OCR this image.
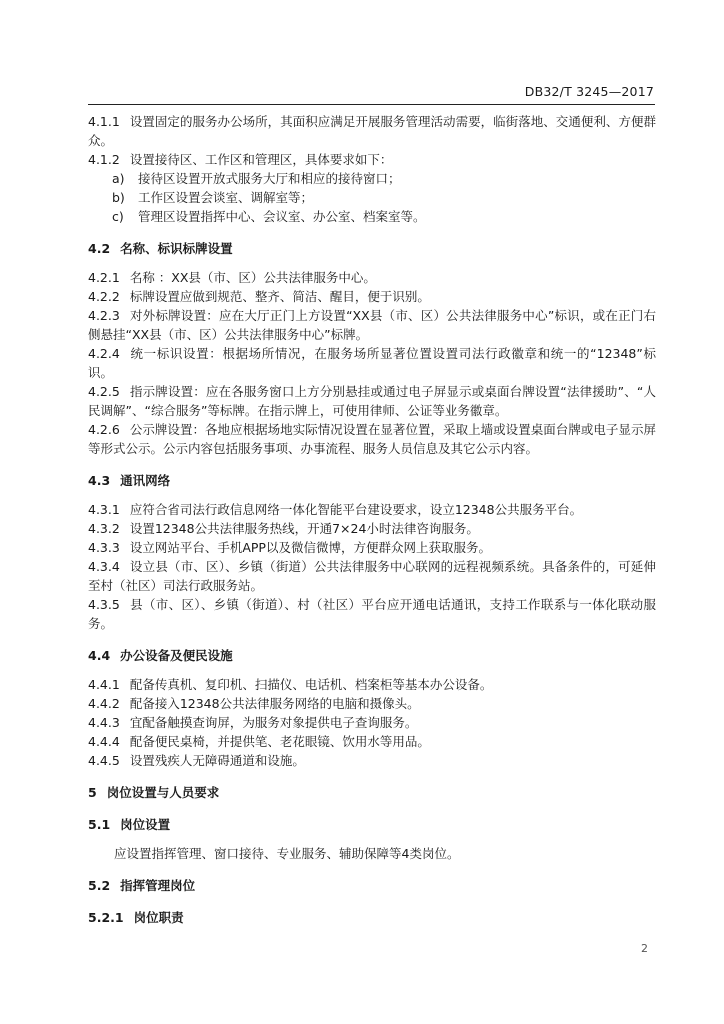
DB32/T 3245—2017
4.1.1 设置固定的服务办公场所，其面积应满足开展服务管理活动需要，临街落地、交通便利、方便群众。
4.1.2 设置接待区、工作区和管理区，具体要求如下：
a) 接待区设置开放式服务大厅和相应的接待窗口；
b) 工作区设置会谈室、调解室等；
c) 管理区设置指挥中心、会议室、办公室、档案室等。
4.2 名称、标识标牌设置
4.2.1 名称 ：XX县（市、区）公共法律服务中心。
4.2.2 标牌设置应做到规范、整齐、简洁、醒目，便于识别。
4.2.3 对外标牌设置：应在大厅正门上方设置“XX县（市、区）公共法律服务中心”标识，或在正门右侧悬挂“XX县（市、区）公共法律服务中心”标牌。
4.2.4 统一标识设置：根据场所情况，在服务场所显著位置设置司法行政徽章和统一的“12348”标识。
4.2.5 指示牌设置：应在各服务窗口上方分别悬挂或通过电子屏显示或桌面台牌设置“法律援助”、“人民调解”、“综合服务”等标牌。在指示牌上，可使用律师、公证等业务徽章。
4.2.6 公示牌设置：各地应根据场地实际情况设置在显著位置，采取上墙或设置桌面台牌或电子显示屏等形式公示。公示内容包括服务事项、办事流程、服务人员信息及其它公示内容。
4.3 通讯网络
4.3.1 应符合省司法行政信息网络一体化智能平台建设要求，设立12348公共服务平台。
4.3.2 设置12348公共法律服务热线，开通7×24小时法律咨询服务。
4.3.3 设立网站平台、手机APP以及微信微博，方便群众网上获取服务。
4.3.4 设立县（市、区）、乡镇（街道）公共法律服务中心联网的远程视频系统。具备条件的，可延伸至村（社区）司法行政服务站。
4.3.5 县（市、区）、乡镇（街道）、村（社区）平台应开通电话通讯，支持工作联系与一体化联动服务。
4.4 办公设备及便民设施
4.4.1 配备传真机、复印机、扫描仪、电话机、档案柜等基本办公设备。
4.4.2 配备接入12348公共法律服务网络的电脑和摄像头。
4.4.3 宜配备触摸查询屏，为服务对象提供电子查询服务。
4.4.4 配备便民桌椅，并提供笔、老花眼镜、饮用水等用品。
4.4.5 设置残疾人无障碍通道和设施。
5 岗位设置与人员要求
5.1 岗位设置
应设置指挥管理、窗口接待、专业服务、辅助保障等4类岗位。
5.2 指挥管理岗位
5.2.1 岗位职责
2
